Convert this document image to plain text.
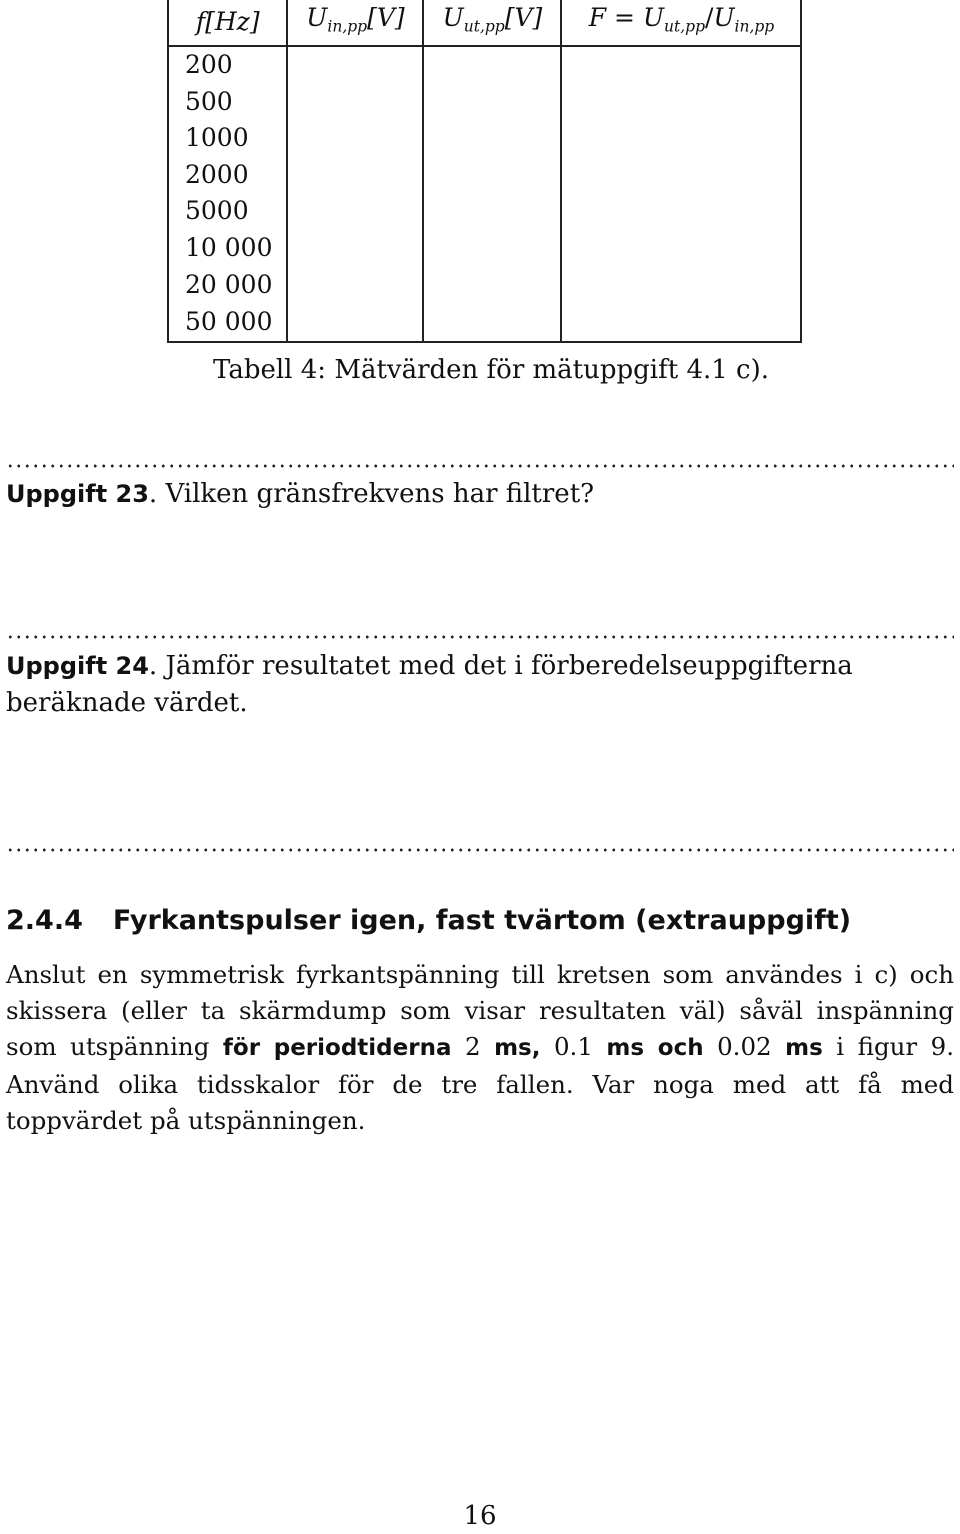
f[Hz]	$U_{in,pp}[V]$	$U_{ut,pp}[V]$	$F = U_{ut,pp}/U_{in,pp}$
200			
500			
1000			
2000			
5000			
10 000			
20 000			
50 000			
Tabell 4: Mätvärden för mätuppgift 4.1 c).
Uppgift 23. Vilken gränsfrekvens har filtret?
Uppgift 24. Jämför resultatet med det i förberedelseuppgifterna beräknade värdet.
2.4.4 Fyrkantspulser igen, fast tvärtom (extrauppgift)
Anslut en symmetrisk fyrkantspänning till kretsen som användes i c) och skissera (eller ta skärmdump som visar resultaten väl) såväl inspänning som utspänning för periodtiderna 2 ms, 0.1 ms och 0.02 ms i figur 9. Använd olika tidsskalor för de tre fallen. Var noga med att få med toppvärdet på utspänningen.
16
